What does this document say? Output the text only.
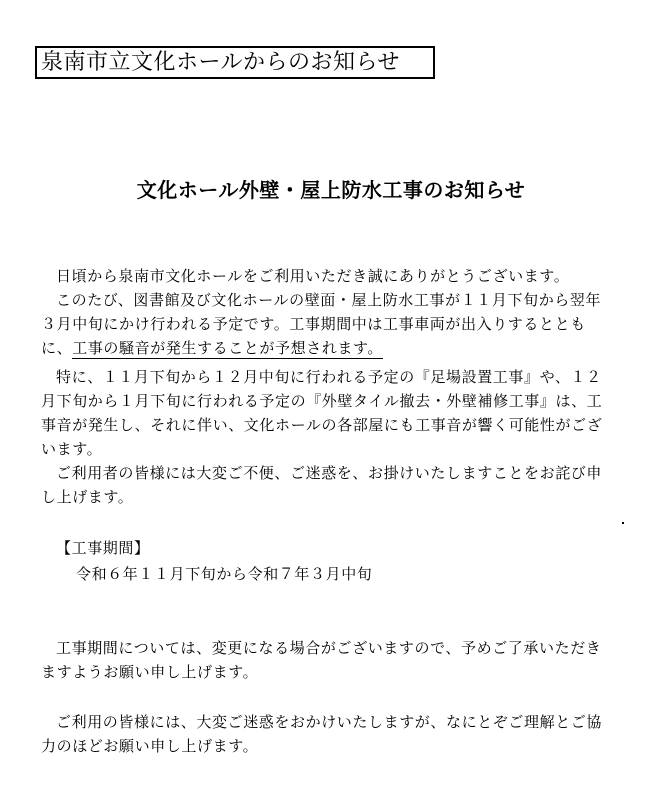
泉南市立文化ホールからのお知らせ
文化ホール外壁・屋上防水工事のお知らせ
日頃から泉南市文化ホールをご利用いただき誠にありがとうございます。
このたび、図書館及び文化ホールの壁面・屋上防水工事が１１月下旬から翌年
３月中旬にかけ行われる予定です。工事期間中は工事車両が出入りするととも
に、工事の騒音が発生することが予想されます。
特に、１１月下旬から１２月中旬に行われる予定の『足場設置工事』や、１２
月下旬から１月下旬に行われる予定の『外壁タイル撤去・外壁補修工事』は、工
事音が発生し、それに伴い、文化ホールの各部屋にも工事音が響く可能性がござ
います。
ご利用者の皆様には大変ご不便、ご迷惑を、お掛けいたしますことをお詫び申
し上げます。
【工事期間】
令和６年１１月下旬から令和７年３月中旬
工事期間については、変更になる場合がございますので、予めご了承いただき
ますようお願い申し上げます。
ご利用の皆様には、大変ご迷惑をおかけいたしますが、なにとぞご理解とご協
力のほどお願い申し上げます。
